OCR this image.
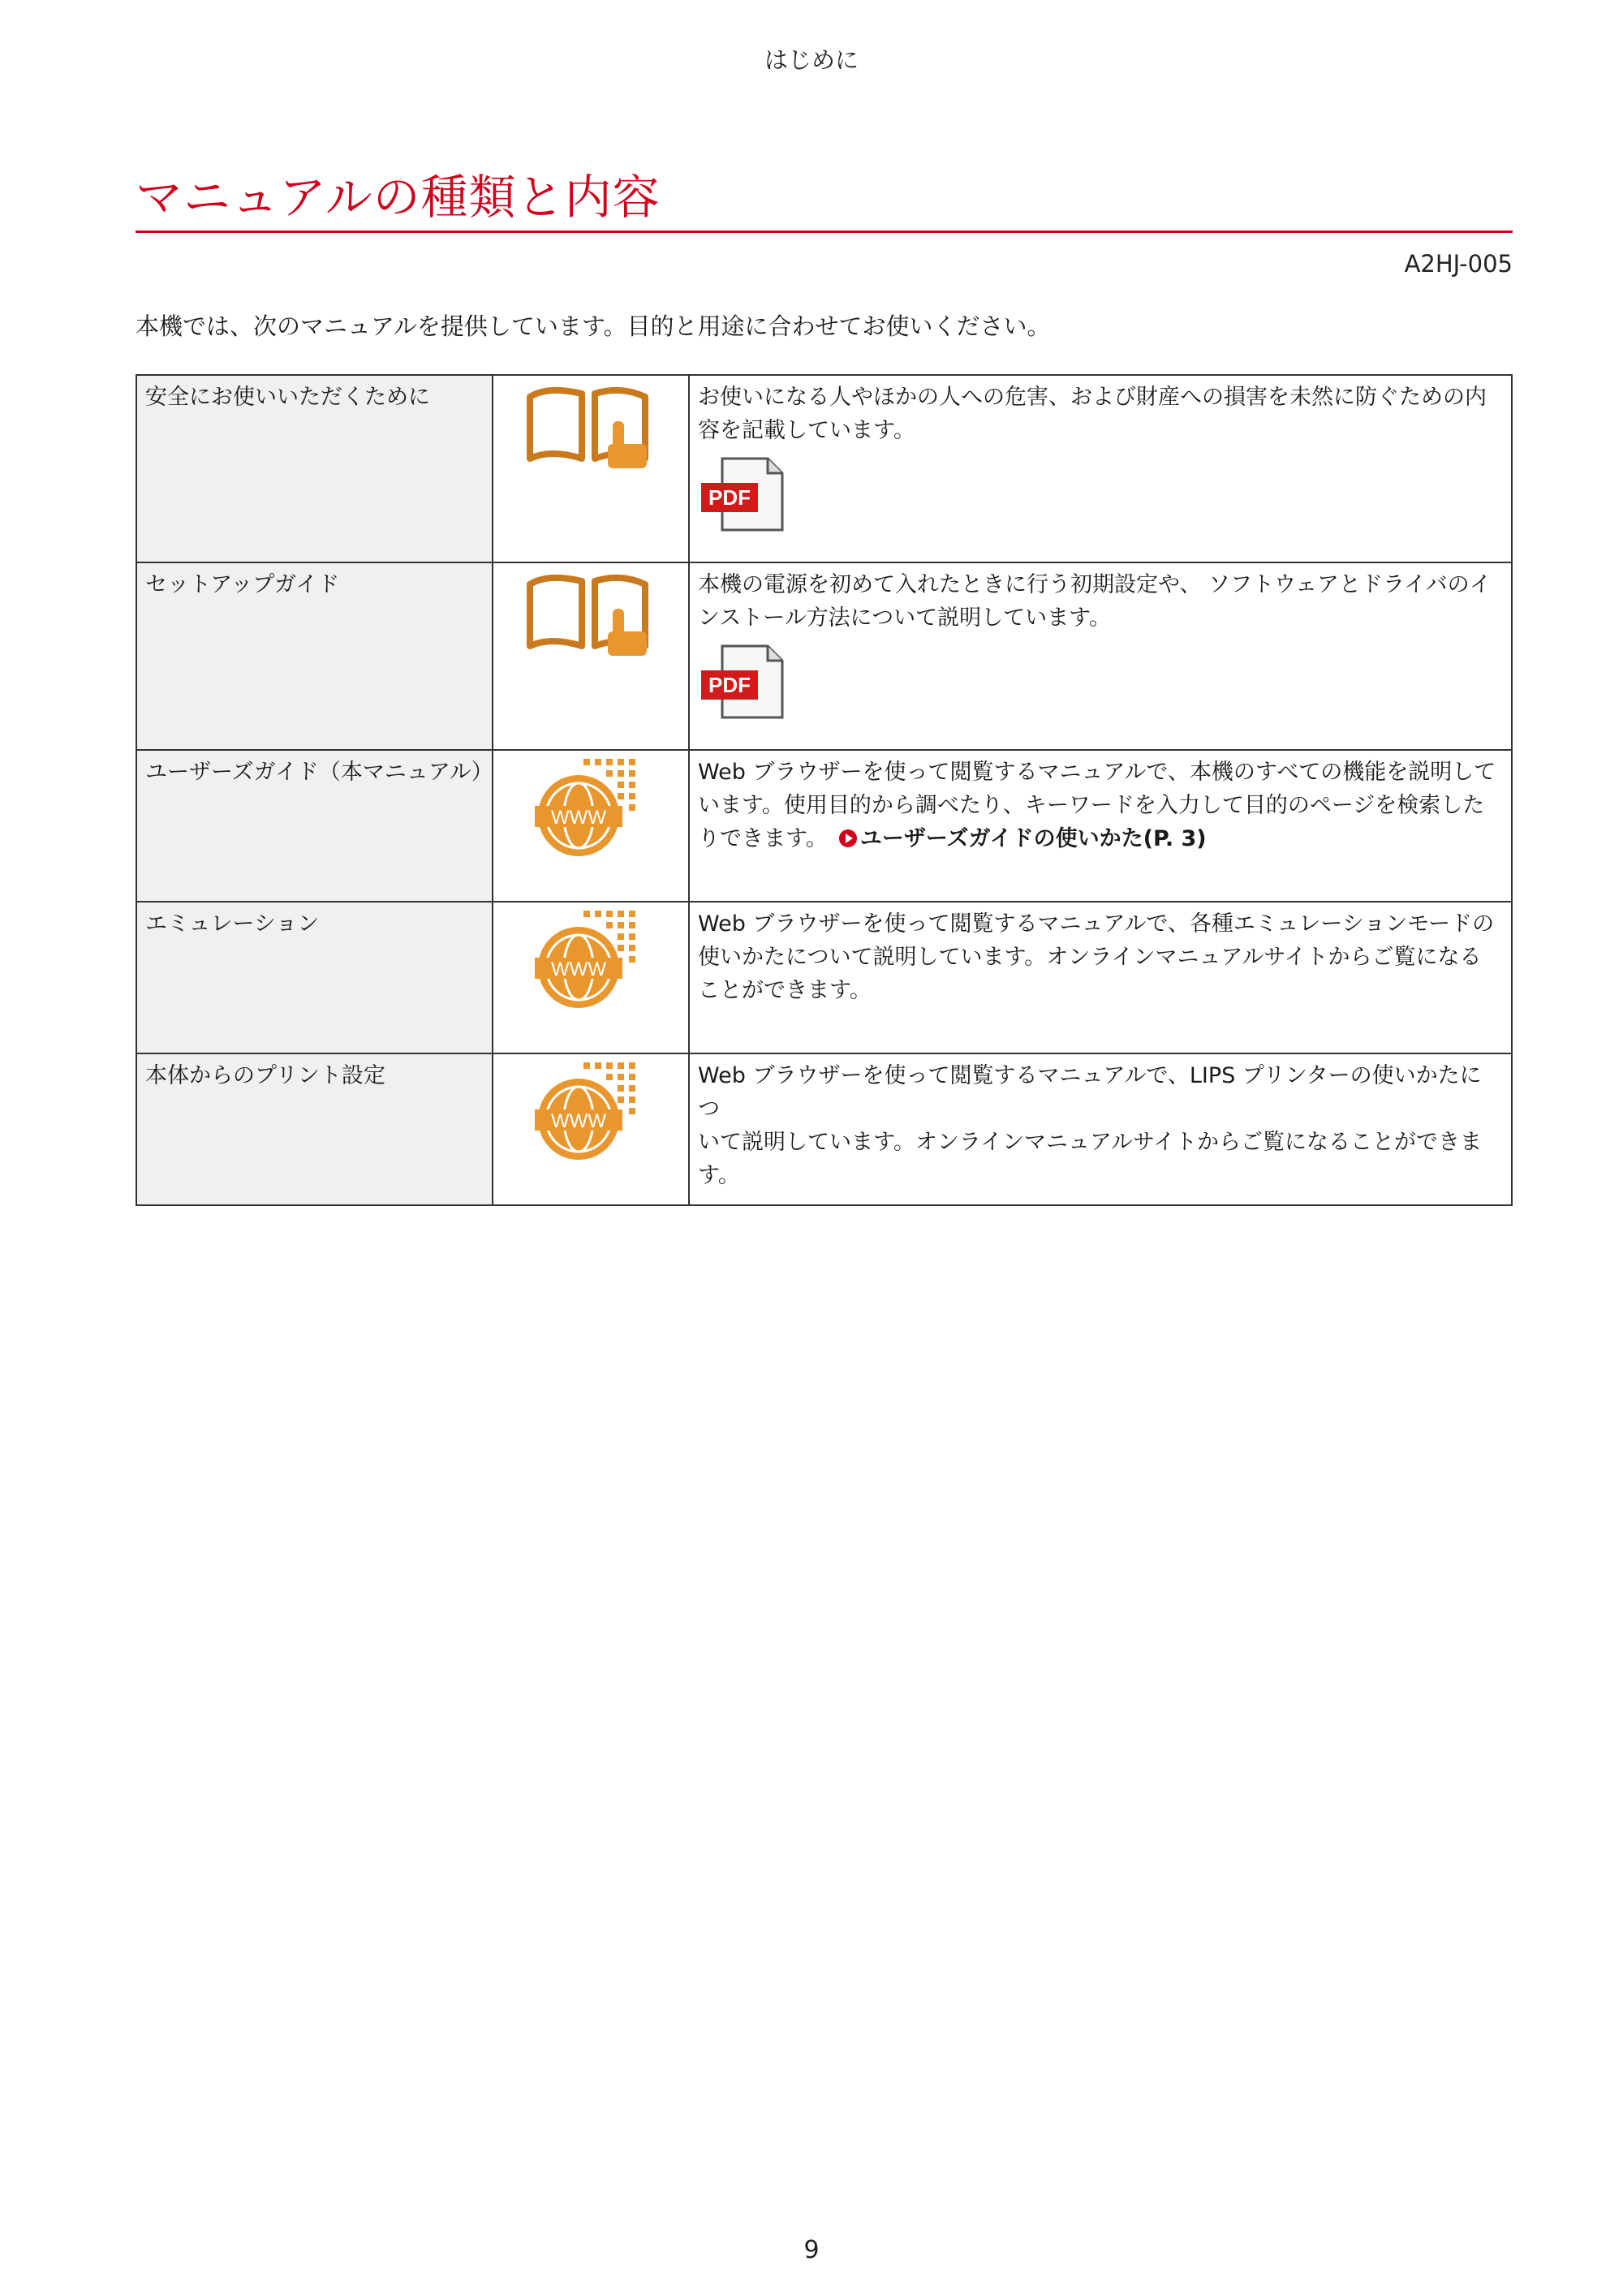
はじめに
マニュアルの種類と内容
A2HJ-005
本機では、次のマニュアルを提供しています。目的と用途に合わせてお使いください。
安全にお使いいただくために		お使いになる人やほかの人への危害、および財産への損害を未然に防ぐための内
容を記載しています。
PDF

セットアップガイド		本機の電源を初めて入れたときに行う初期設定や、 ソフトウェアとドライバのイ
ンストール方法について説明しています。
PDF

ユーザーズガイド（本マニュアル）	WWW	Web ブラウザーを使って閲覧するマニュアルで、本機のすべての機能を説明して
います。使用目的から調べたり、キーワードを入力して目的のページを検索した
りできます。 ユーザーズガイドの使いかた(P. 3)

エミュレーション	WWW	Web ブラウザーを使って閲覧するマニュアルで、各種エミュレーションモードの
使いかたについて説明しています。オンラインマニュアルサイトからご覧になる
ことができます。

本体からのプリント設定	WWW	Web ブラウザーを使って閲覧するマニュアルで、LIPS プリンターの使いかたにつ
いて説明しています。オンラインマニュアルサイトからご覧になることができま
す。
9
